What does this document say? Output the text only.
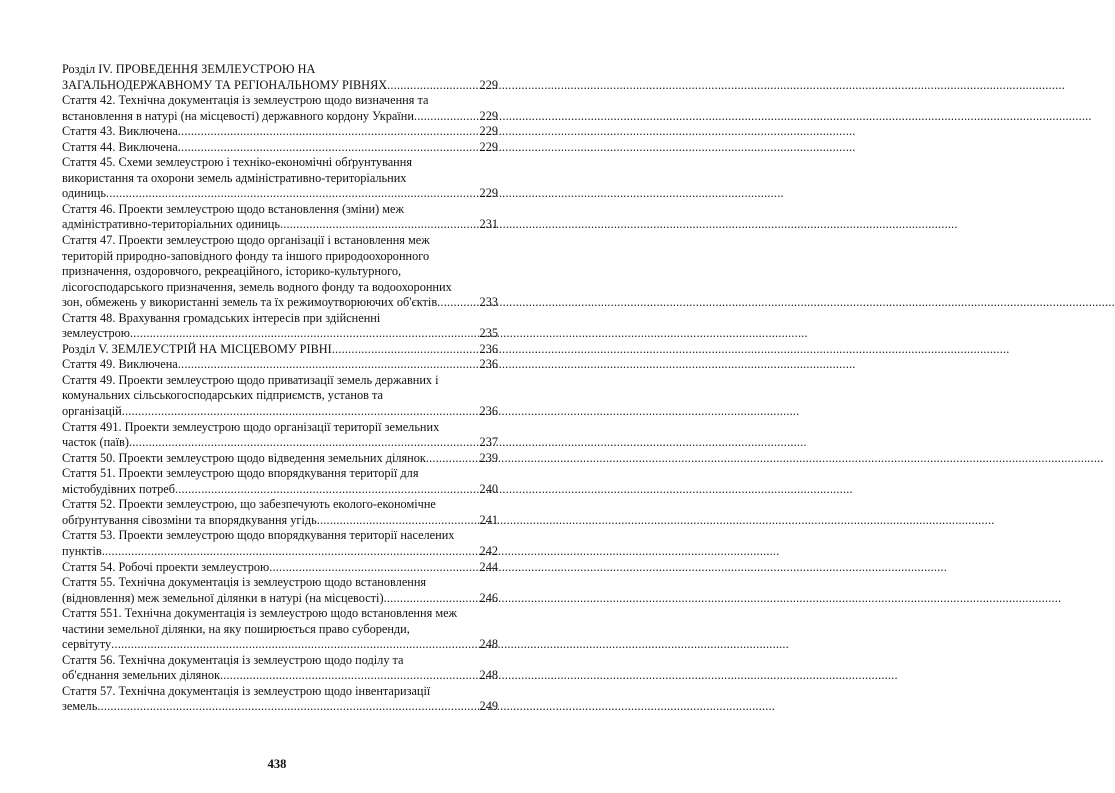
Розділ ІV. ПРОВЕДЕННЯ ЗЕМЛЕУСТРОЮ НА
ЗАГАЛЬНОДЕРЖАВНОМУ ТА РЕГІОНАЛЬНОМУ РІВНЯХ .....	229
Стаття 42. Технічна документація із землеустрою щодо визначення та
встановлення в натурі (на місцевості) державного кордону України .....	229
Стаття 43. Виключена .....	229
Стаття 44. Виключена .....	229
Стаття 45. Схеми землеустрою і техніко-економічні обґрунтування
використання та охорони земель адміністративно-територіальних
одиниць .....	229
Стаття 46. Проекти землеустрою щодо встановлення (зміни) меж
адміністративно-територіальних одиниць .....	231
Стаття 47. Проекти землеустрою щодо організації і встановлення меж
територій природно-заповідного фонду та іншого природоохоронного
призначення, оздоровчого, рекреаційного, історико-культурного,
лісогосподарського призначення, земель водного фонду та водоохоронних
зон, обмежень у використанні земель та їх режимоутворюючих об'єктів .....	233
Стаття 48. Врахування громадських інтересів при здійсненні
землеустрою .....	235
Розділ V. ЗЕМЛЕУСТРІЙ НА МІСЦЕВОМУ РІВНІ .....	236
Стаття 49. Виключена .....	236
Стаття 49. Проекти землеустрою щодо приватизації земель державних і
комунальних сільськогосподарських підприємств, установ та
організацій .....	236
Стаття 491. Проекти землеустрою щодо організації території земельних
часток (паїв) .....	237
Стаття 50. Проекти землеустрою щодо відведення земельних ділянок .....	239
Стаття 51. Проекти землеустрою щодо впорядкування території для
містобудівних потреб .....	240
Стаття 52. Проекти землеустрою, що забезпечують еколого-економічне
обґрунтування сівозміни та впорядкування угідь .....	241
Стаття 53. Проекти землеустрою щодо впорядкування території населених
пунктів .....	242
Стаття 54. Робочі проекти землеустрою .....	244
Стаття 55. Технічна документація із землеустрою щодо встановлення
(відновлення) меж земельної ділянки в натурі (на місцевості) .....	246
Стаття 551. Технічна документація із землеустрою щодо встановлення меж
частини земельної ділянки, на яку поширюється право суборенди,
сервітуту .....	248
Стаття 56. Технічна документація із землеустрою щодо поділу та
об'єднання земельних ділянок .....	248
Стаття 57. Технічна документація із землеустрою щодо інвентаризації
земель .....	249
438
